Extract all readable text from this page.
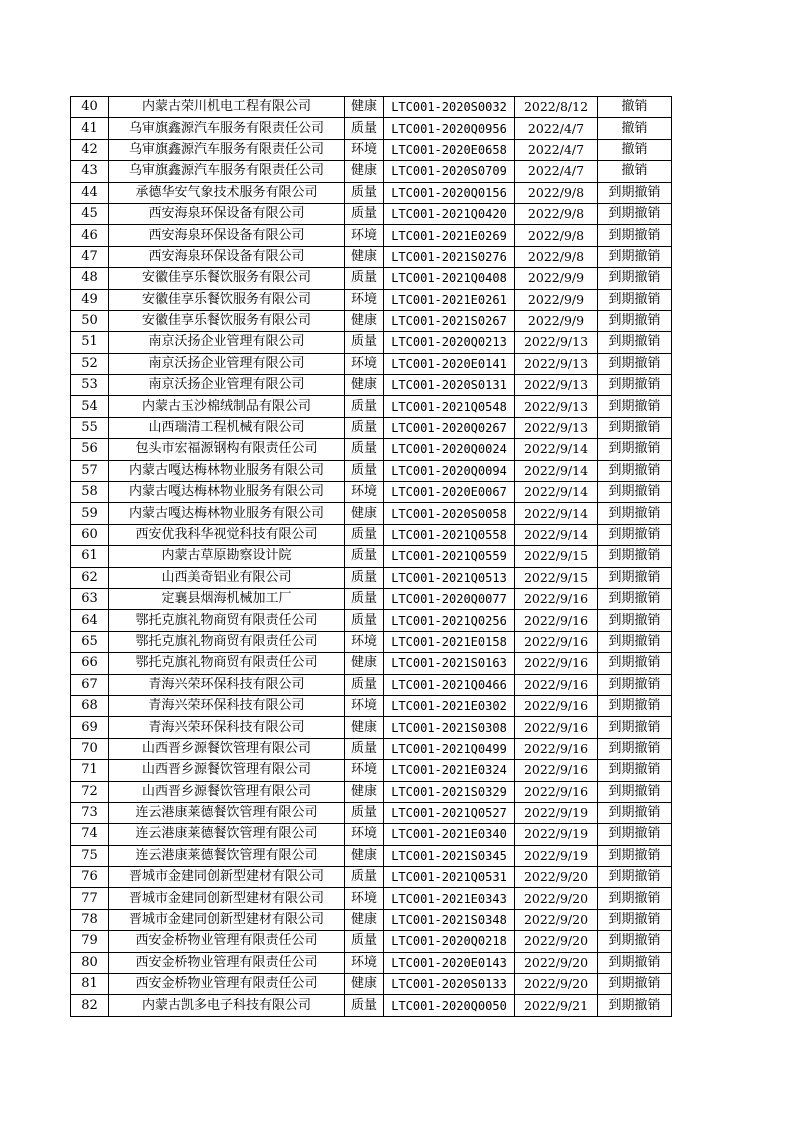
40	内蒙古荣川机电工程有限公司	健康	LTC001-2020S0032	2022/8/12	撤销
41	乌审旗鑫源汽车服务有限责任公司	质量	LTC001-2020Q0956	2022/4/7	撤销
42	乌审旗鑫源汽车服务有限责任公司	环境	LTC001-2020E0658	2022/4/7	撤销
43	乌审旗鑫源汽车服务有限责任公司	健康	LTC001-2020S0709	2022/4/7	撤销
44	承德华安气象技术服务有限公司	质量	LTC001-2020Q0156	2022/9/8	到期撤销
45	西安海泉环保设备有限公司	质量	LTC001-2021Q0420	2022/9/8	到期撤销
46	西安海泉环保设备有限公司	环境	LTC001-2021E0269	2022/9/8	到期撤销
47	西安海泉环保设备有限公司	健康	LTC001-2021S0276	2022/9/8	到期撤销
48	安徽佳享乐餐饮服务有限公司	质量	LTC001-2021Q0408	2022/9/9	到期撤销
49	安徽佳享乐餐饮服务有限公司	环境	LTC001-2021E0261	2022/9/9	到期撤销
50	安徽佳享乐餐饮服务有限公司	健康	LTC001-2021S0267	2022/9/9	到期撤销
51	南京沃扬企业管理有限公司	质量	LTC001-2020Q0213	2022/9/13	到期撤销
52	南京沃扬企业管理有限公司	环境	LTC001-2020E0141	2022/9/13	到期撤销
53	南京沃扬企业管理有限公司	健康	LTC001-2020S0131	2022/9/13	到期撤销
54	内蒙古玉沙棉绒制品有限公司	质量	LTC001-2021Q0548	2022/9/13	到期撤销
55	山西瑞清工程机械有限公司	质量	LTC001-2020Q0267	2022/9/13	到期撤销
56	包头市宏福源钢构有限责任公司	质量	LTC001-2020Q0024	2022/9/14	到期撤销
57	内蒙古嘎达梅林物业服务有限公司	质量	LTC001-2020Q0094	2022/9/14	到期撤销
58	内蒙古嘎达梅林物业服务有限公司	环境	LTC001-2020E0067	2022/9/14	到期撤销
59	内蒙古嘎达梅林物业服务有限公司	健康	LTC001-2020S0058	2022/9/14	到期撤销
60	西安优我科华视觉科技有限公司	质量	LTC001-2021Q0558	2022/9/14	到期撤销
61	内蒙古草原勘察设计院	质量	LTC001-2021Q0559	2022/9/15	到期撤销
62	山西美奇铝业有限公司	质量	LTC001-2021Q0513	2022/9/15	到期撤销
63	定襄县烟海机械加工厂	质量	LTC001-2020Q0077	2022/9/16	到期撤销
64	鄂托克旗礼物商贸有限责任公司	质量	LTC001-2021Q0256	2022/9/16	到期撤销
65	鄂托克旗礼物商贸有限责任公司	环境	LTC001-2021E0158	2022/9/16	到期撤销
66	鄂托克旗礼物商贸有限责任公司	健康	LTC001-2021S0163	2022/9/16	到期撤销
67	青海兴荣环保科技有限公司	质量	LTC001-2021Q0466	2022/9/16	到期撤销
68	青海兴荣环保科技有限公司	环境	LTC001-2021E0302	2022/9/16	到期撤销
69	青海兴荣环保科技有限公司	健康	LTC001-2021S0308	2022/9/16	到期撤销
70	山西晋乡源餐饮管理有限公司	质量	LTC001-2021Q0499	2022/9/16	到期撤销
71	山西晋乡源餐饮管理有限公司	环境	LTC001-2021E0324	2022/9/16	到期撤销
72	山西晋乡源餐饮管理有限公司	健康	LTC001-2021S0329	2022/9/16	到期撤销
73	连云港康莱德餐饮管理有限公司	质量	LTC001-2021Q0527	2022/9/19	到期撤销
74	连云港康莱德餐饮管理有限公司	环境	LTC001-2021E0340	2022/9/19	到期撤销
75	连云港康莱德餐饮管理有限公司	健康	LTC001-2021S0345	2022/9/19	到期撤销
76	晋城市金建同创新型建材有限公司	质量	LTC001-2021Q0531	2022/9/20	到期撤销
77	晋城市金建同创新型建材有限公司	环境	LTC001-2021E0343	2022/9/20	到期撤销
78	晋城市金建同创新型建材有限公司	健康	LTC001-2021S0348	2022/9/20	到期撤销
79	西安金桥物业管理有限责任公司	质量	LTC001-2020Q0218	2022/9/20	到期撤销
80	西安金桥物业管理有限责任公司	环境	LTC001-2020E0143	2022/9/20	到期撤销
81	西安金桥物业管理有限责任公司	健康	LTC001-2020S0133	2022/9/20	到期撤销
82	内蒙古凯多电子科技有限公司	质量	LTC001-2020Q0050	2022/9/21	到期撤销
